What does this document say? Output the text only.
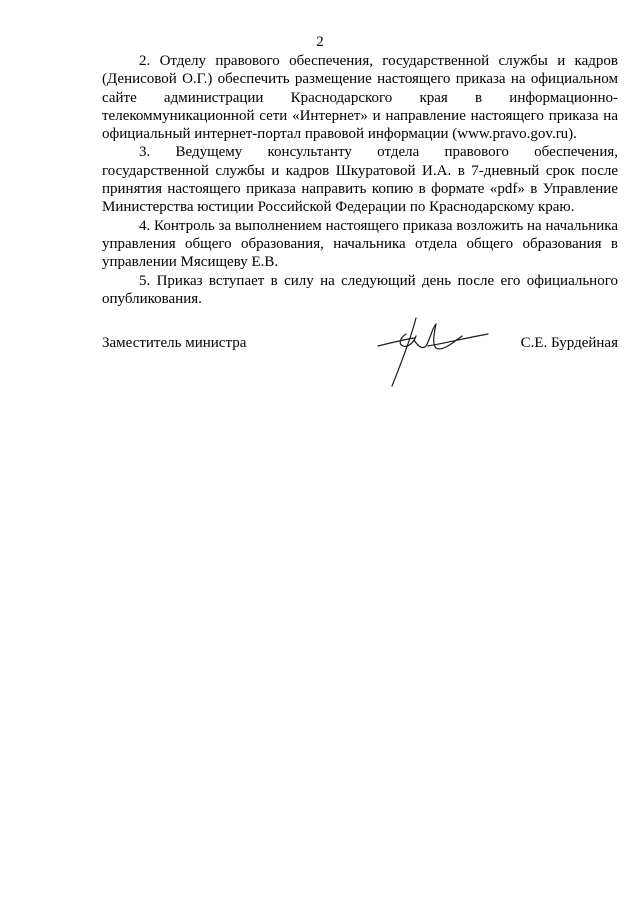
2

2. Отделу правового обеспечения, государственной службы и кадров (Денисовой О.Г.) обеспечить размещение настоящего приказа на официальном сайте администрации Краснодарского края в информационно-телекоммуникационной сети «Интернет» и направление настоящего приказа на официальный интернет-портал правовой информации (www.pravo.gov.ru).

3. Ведущему консультанту отдела правового обеспечения, государственной службы и кадров Шкуратовой И.А. в 7-дневный срок после принятия настоящего приказа направить копию в формате «pdf» в Управление Министерства юстиции Российской Федерации по Краснодарскому краю.

4. Контроль за выполнением настоящего приказа возложить на начальника управления общего образования, начальника отдела общего образования в управлении Мясищеву Е.В.

5. Приказ вступает в силу на следующий день после его официального опубликования.

Заместитель министра	С.Е. Бурдейная
